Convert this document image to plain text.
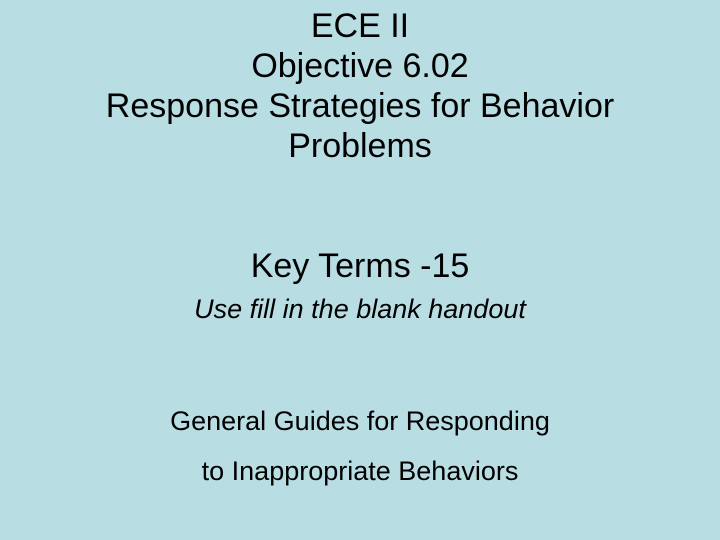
ECE II

Objective 6.02

Response Strategies for Behavior

Problems

Key Terms -15

Use fill in the blank handout

General Guides for Responding

to Inappropriate Behaviors
